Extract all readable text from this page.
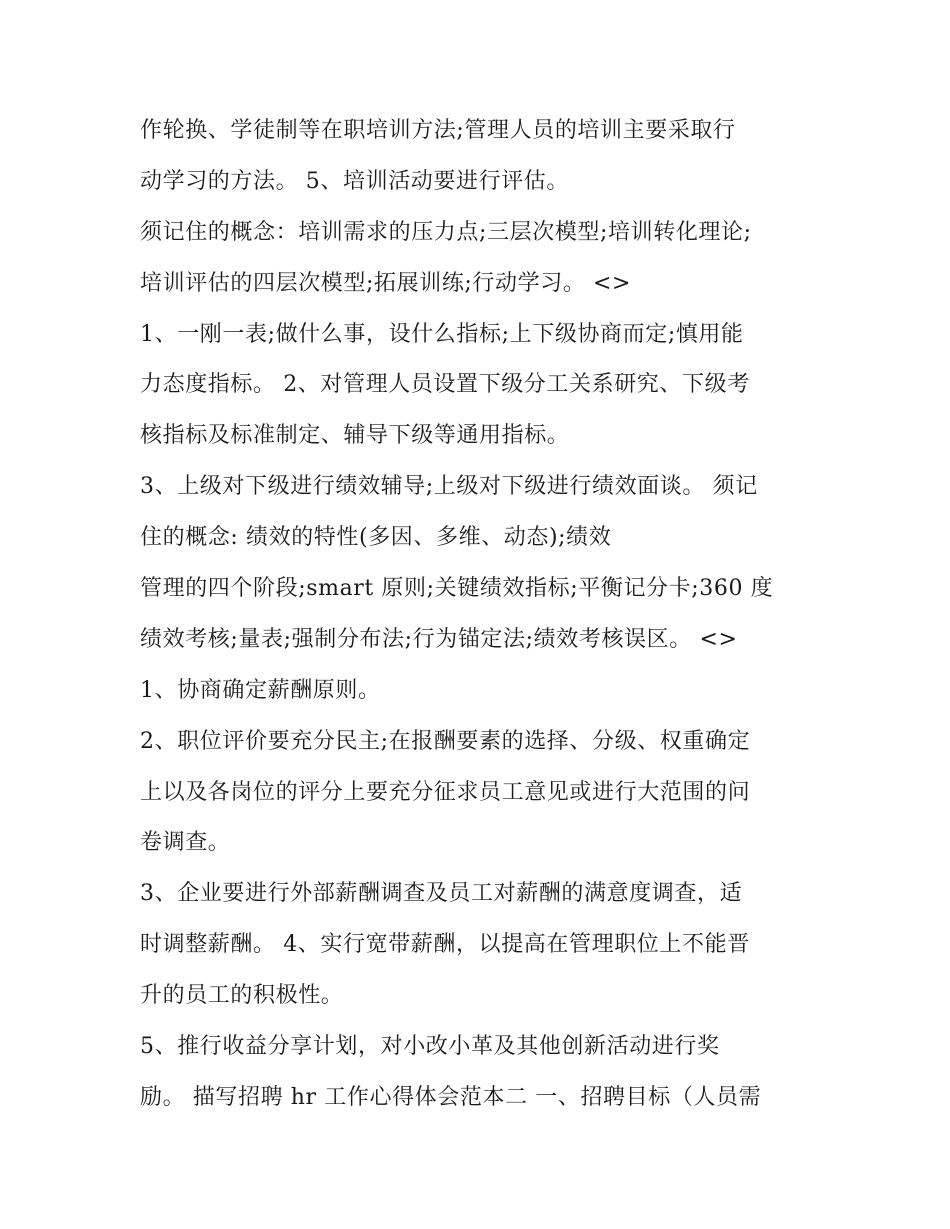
作轮换、学徒制等在职培训方法;管理人员的培训主要采取行
动学习的方法。 5、培训活动要进行评估。
须记住的概念：培训需求的压力点;三层次模型;培训转化理论;
培训评估的四层次模型;拓展训练;行动学习。 <>
1、一刚一表;做什么事，设什么指标;上下级协商而定;慎用能
力态度指标。 2、对管理人员设置下级分工关系研究、下级考
核指标及标准制定、辅导下级等通用指标。
3、上级对下级进行绩效辅导;上级对下级进行绩效面谈。 须记
住的概念: 绩效的特性(多因、多维、动态);绩效
管理的四个阶段;smart 原则;关键绩效指标;平衡记分卡;360 度
绩效考核;量表;强制分布法;行为锚定法;绩效考核误区。 <>
1、协商确定薪酬原则。
2、职位评价要充分民主;在报酬要素的选择、分级、权重确定
上以及各岗位的评分上要充分征求员工意见或进行大范围的问
卷调查。
3、企业要进行外部薪酬调查及员工对薪酬的满意度调查，适
时调整薪酬。 4、实行宽带薪酬，以提高在管理职位上不能晋
升的员工的积极性。
5、推行收益分享计划，对小改小革及其他创新活动进行奖
励。 描写招聘 hr 工作心得体会范本二 一、招聘目标（人员需
